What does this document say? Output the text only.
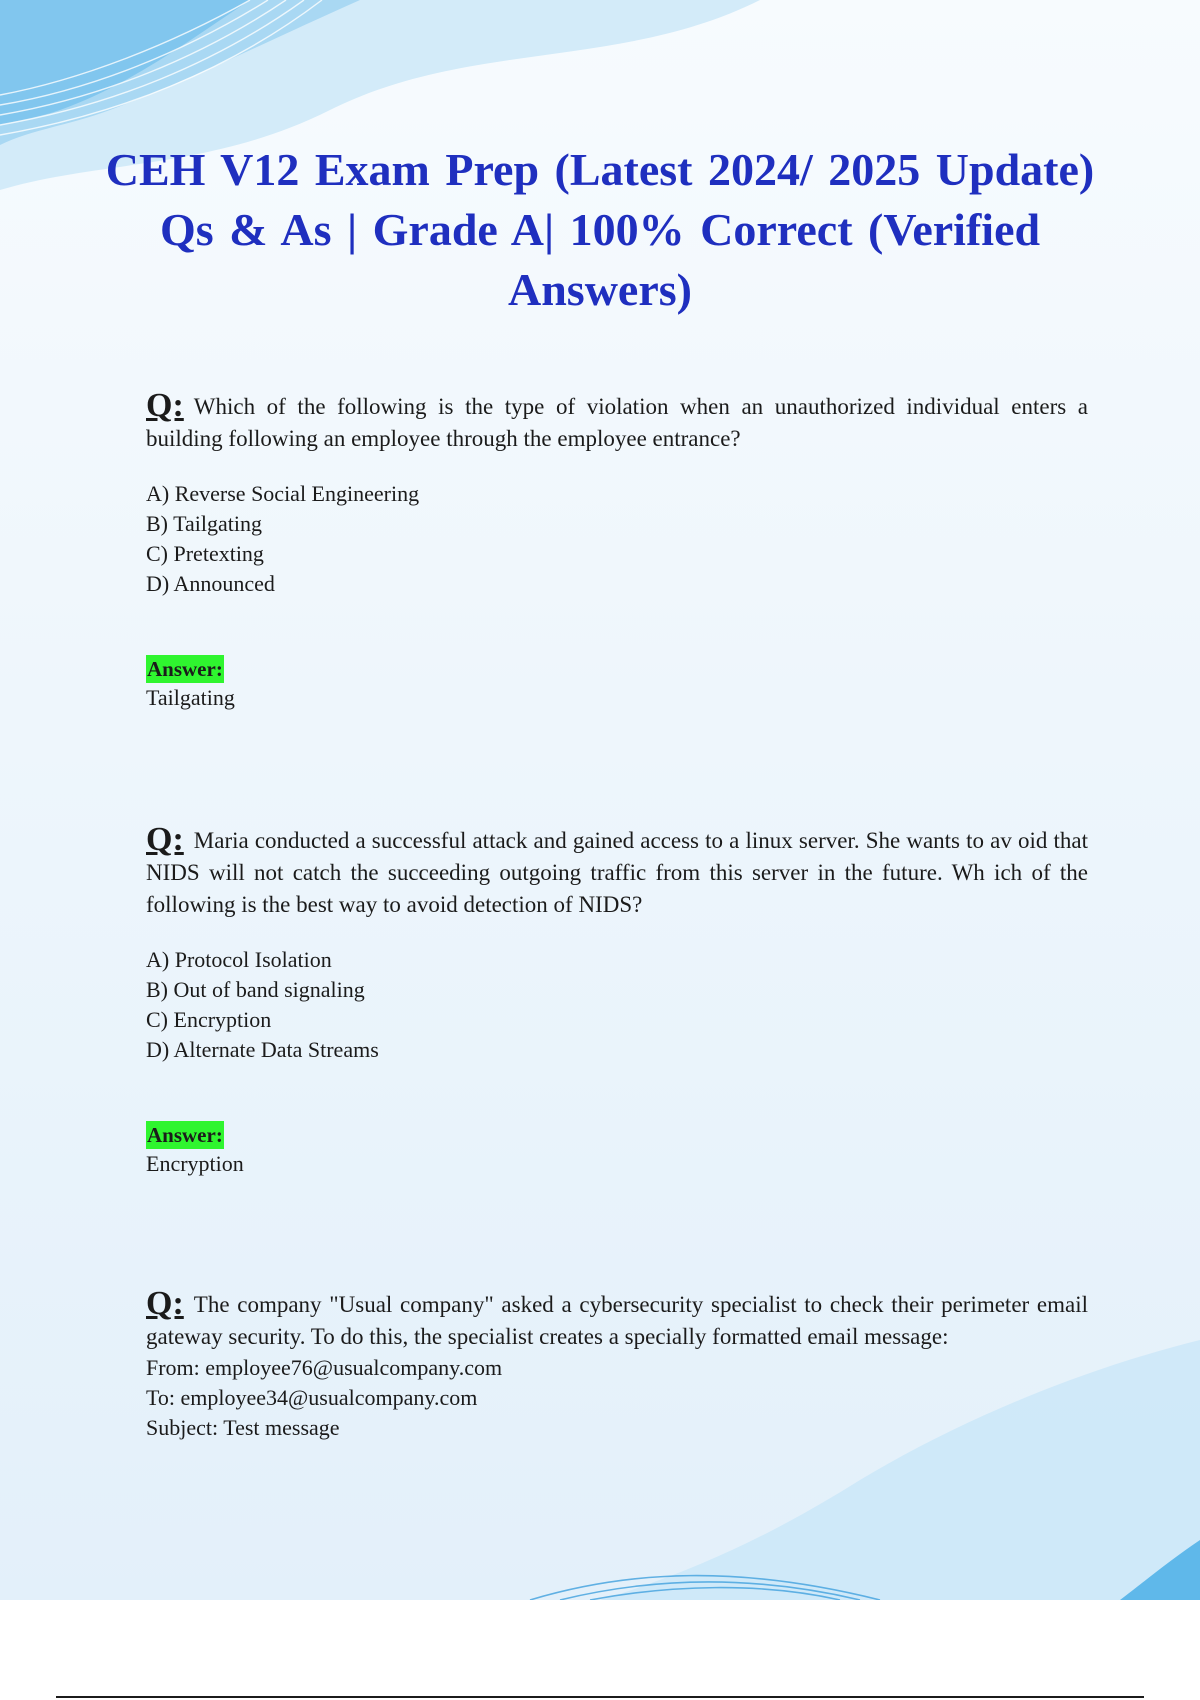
CEH V12 Exam Prep (Latest 2024/ 2025 Update) Qs & As | Grade A| 100% Correct (Verified Answers)

Q: Which of the following is the type of violation when an unauthorized individual enters a building following an employee through the employee entrance?

A) Reverse Social Engineering
B) Tailgating
C) Pretexting
D) Announced
Answer:
Tailgating

Q: Maria conducted a successful attack and gained access to a linux server. She wants to av oid that NIDS will not catch the succeeding outgoing traffic from this server in the future. Wh ich of the following is the best way to avoid detection of NIDS?

A) Protocol Isolation
B) Out of band signaling
C) Encryption
D) Alternate Data Streams
Answer:
Encryption

Q: The company "Usual company" asked a cybersecurity specialist to check their perimeter email gateway security. To do this, the specialist creates a specially formatted email message:

From: employee76@usualcompany.com

To: employee34@usualcompany.com

Subject: Test message
